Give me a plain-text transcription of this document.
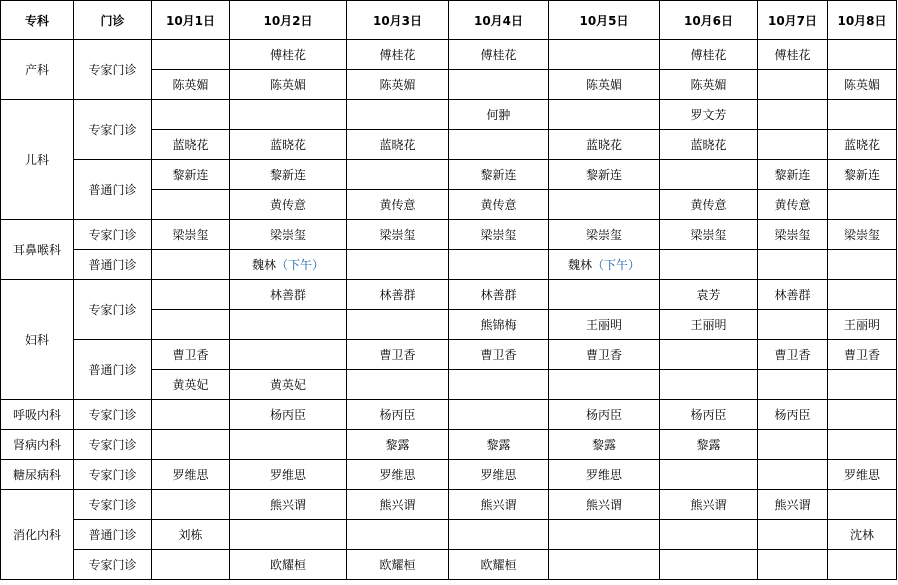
专科	门诊	10月1日	10月2日	10月3日	10月4日	10月5日	10月6日	10月7日	10月8日
产科	专家门诊		傅桂花	傅桂花	傅桂花		傅桂花	傅桂花	
		陈英媚	陈英媚	陈英媚		陈英媚	陈英媚		陈英媚
儿科	专家门诊				何翀		罗文芳		
		蓝晓花	蓝晓花	蓝晓花		蓝晓花	蓝晓花		蓝晓花
	普通门诊	黎新连	黎新连		黎新连	黎新连		黎新连	黎新连
			黄传意	黄传意	黄传意		黄传意	黄传意	
耳鼻喉科	专家门诊	梁崇玺	梁崇玺	梁崇玺	梁崇玺	梁崇玺	梁崇玺	梁崇玺	梁崇玺
	普通门诊		魏林（下午）			魏林（下午）			
妇科	专家门诊		林善群	林善群	林善群		袁芳	林善群	
					熊锦梅	王丽明	王丽明		王丽明
	普通门诊	曹卫香		曹卫香	曹卫香	曹卫香		曹卫香	曹卫香
		黄英妃	黄英妃						
呼吸内科	专家门诊		杨丙臣	杨丙臣		杨丙臣	杨丙臣	杨丙臣	
肾病内科	专家门诊			黎露	黎露	黎露	黎露		
糖尿病科	专家门诊	罗维思	罗维思	罗维思	罗维思	罗维思			罗维思
消化内科	专家门诊		熊兴谓	熊兴谓	熊兴谓	熊兴谓	熊兴谓	熊兴谓	
	普通门诊	刘栋							沈林
	专家门诊		欧耀桓	欧耀桓	欧耀桓				
